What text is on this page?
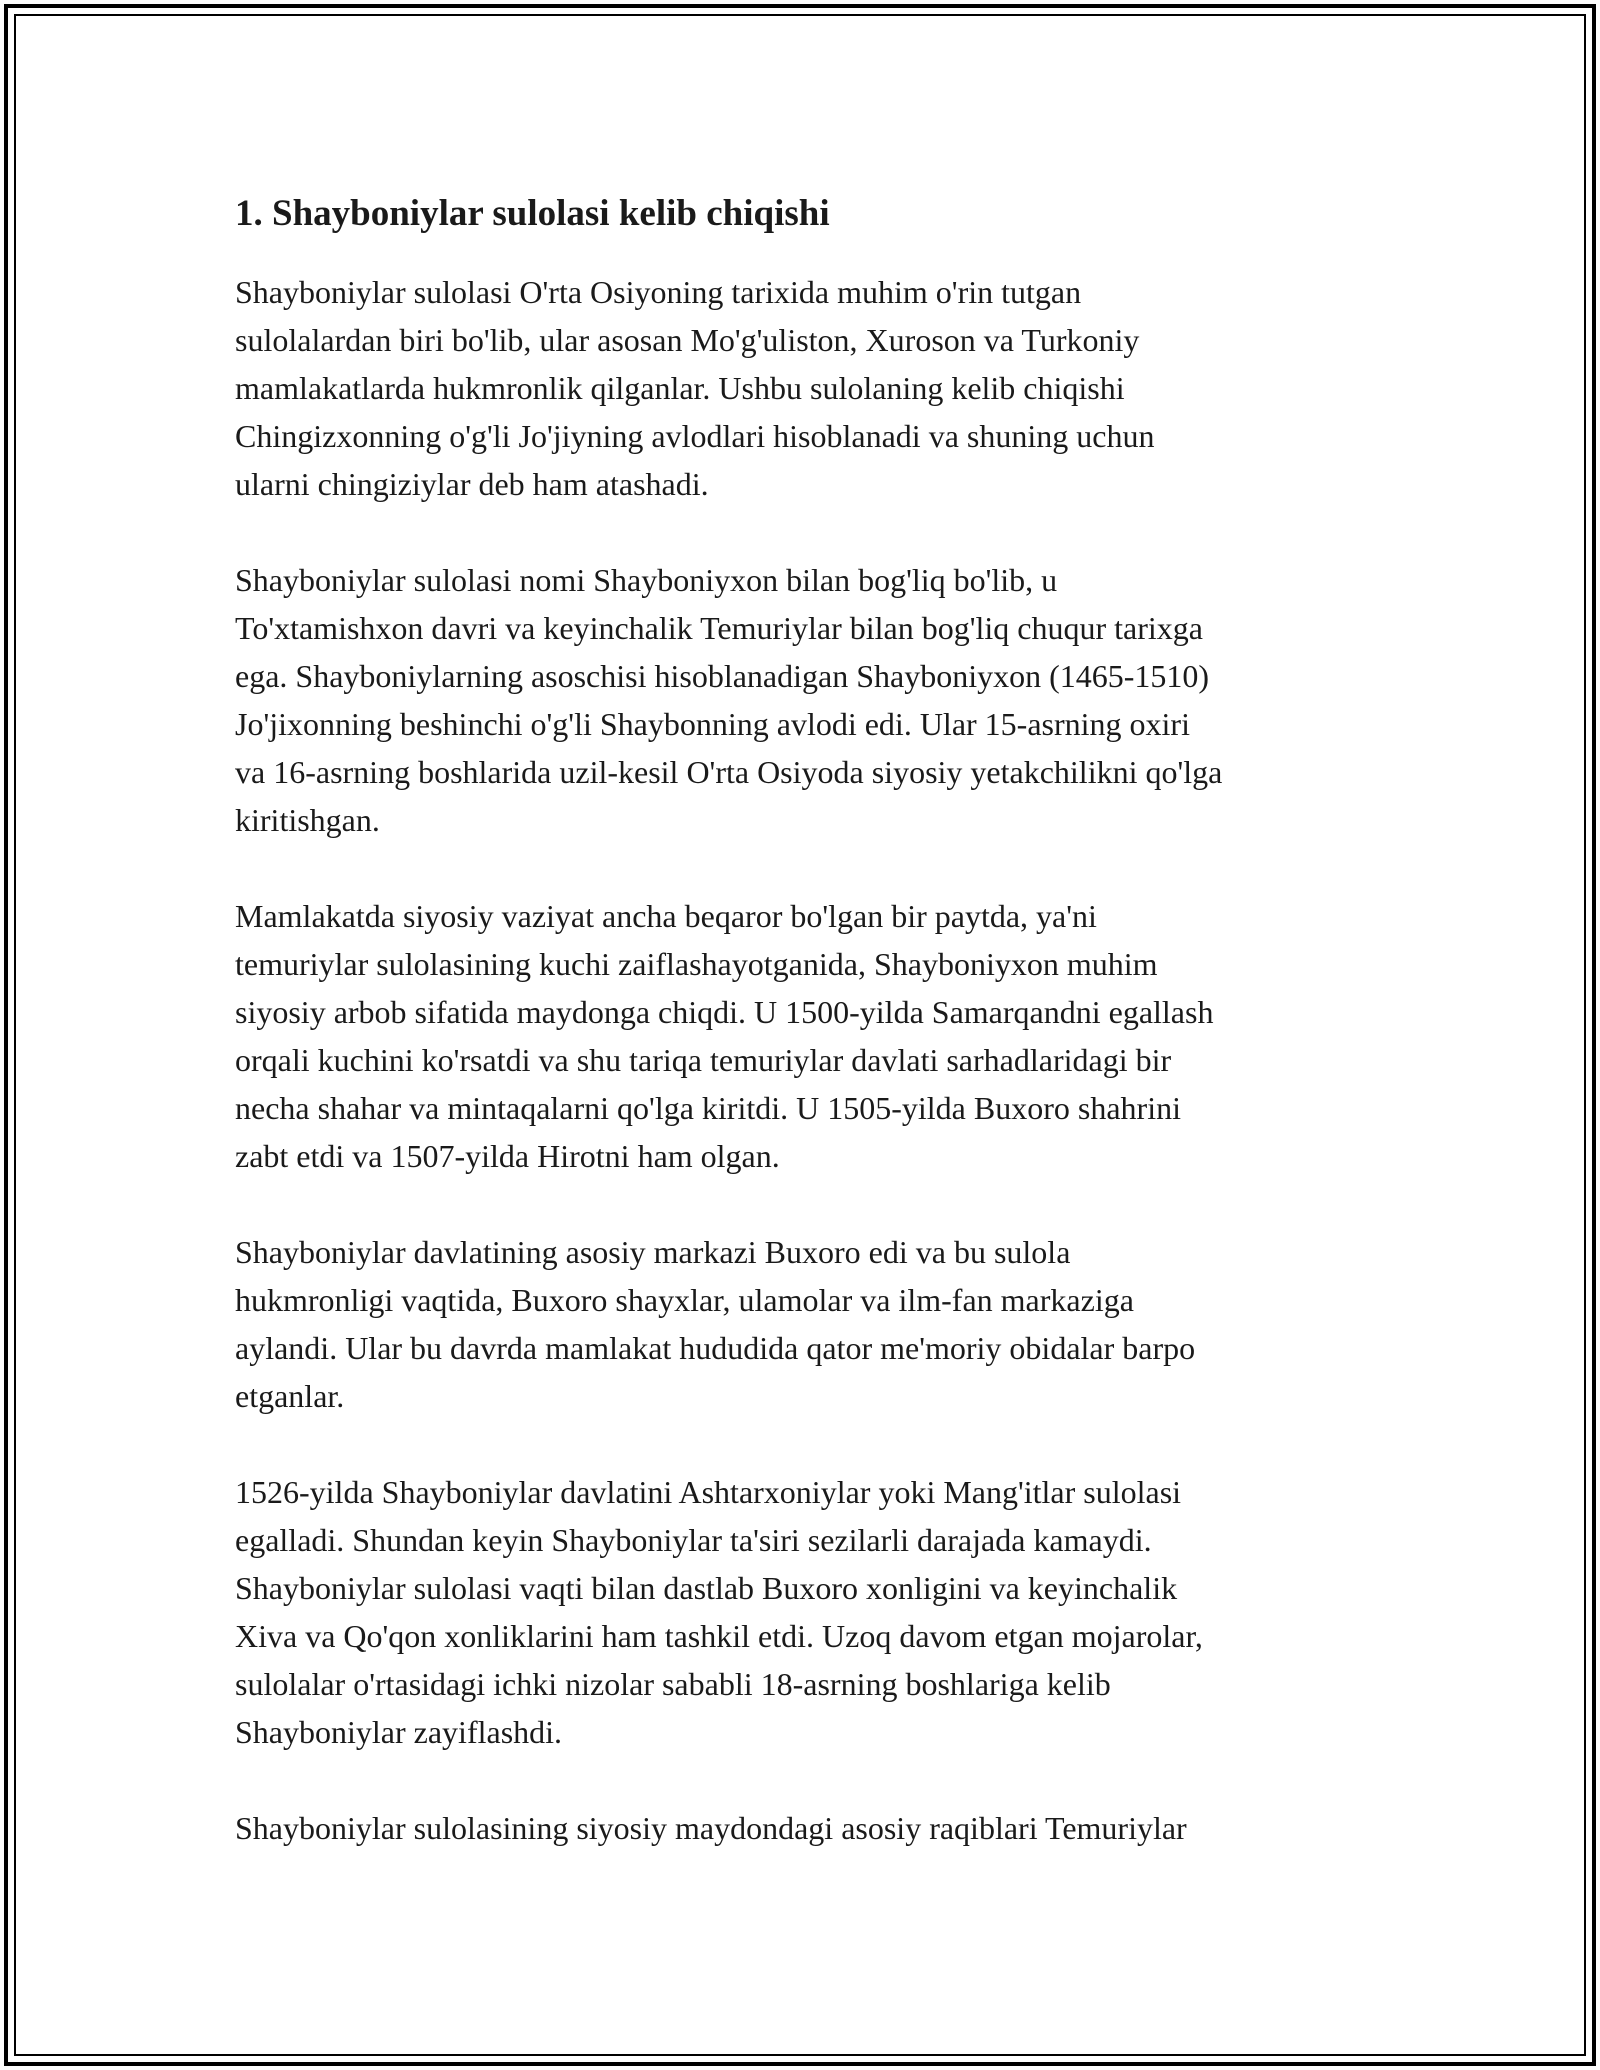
1. Shayboniylar sulolasi kelib chiqishi

Shayboniylar sulolasi O'rta Osiyoning tarixida muhim o'rin tutgan
sulolalardan biri bo'lib, ular asosan Mo'g'uliston, Xuroson va Turkoniy
mamlakatlarda hukmronlik qilganlar. Ushbu sulolaning kelib chiqishi
Chingizxonning o'g'li Jo'jiyning avlodlari hisoblanadi va shuning uchun
ularni chingiziylar deb ham atashadi.

Shayboniylar sulolasi nomi Shayboniyxon bilan bog'liq bo'lib, u
To'xtamishxon davri va keyinchalik Temuriylar bilan bog'liq chuqur tarixga
ega. Shayboniylarning asoschisi hisoblanadigan Shayboniyxon (1465-1510)
Jo'jixonning beshinchi o'g'li Shaybonning avlodi edi. Ular 15-asrning oxiri
va 16-asrning boshlarida uzil-kesil O'rta Osiyoda siyosiy yetakchilikni qo'lga
kiritishgan.

Mamlakatda siyosiy vaziyat ancha beqaror bo'lgan bir paytda, ya'ni
temuriylar sulolasining kuchi zaiflashayotganida, Shayboniyxon muhim
siyosiy arbob sifatida maydonga chiqdi. U 1500-yilda Samarqandni egallash
orqali kuchini ko'rsatdi va shu tariqa temuriylar davlati sarhadlaridagi bir
necha shahar va mintaqalarni qo'lga kiritdi. U 1505-yilda Buxoro shahrini
zabt etdi va 1507-yilda Hirotni ham olgan.

Shayboniylar davlatining asosiy markazi Buxoro edi va bu sulola
hukmronligi vaqtida, Buxoro shayxlar, ulamolar va ilm-fan markaziga
aylandi. Ular bu davrda mamlakat hududida qator me'moriy obidalar barpo
etganlar.

1526-yilda Shayboniylar davlatini Ashtarxoniylar yoki Mang'itlar sulolasi
egalladi. Shundan keyin Shayboniylar ta'siri sezilarli darajada kamaydi.
Shayboniylar sulolasi vaqti bilan dastlab Buxoro xonligini va keyinchalik
Xiva va Qo'qon xonliklarini ham tashkil etdi. Uzoq davom etgan mojarolar,
sulolalar o'rtasidagi ichki nizolar sababli 18-asrning boshlariga kelib
Shayboniylar zayiflashdi.

Shayboniylar sulolasining siyosiy maydondagi asosiy raqiblari Temuriylar
